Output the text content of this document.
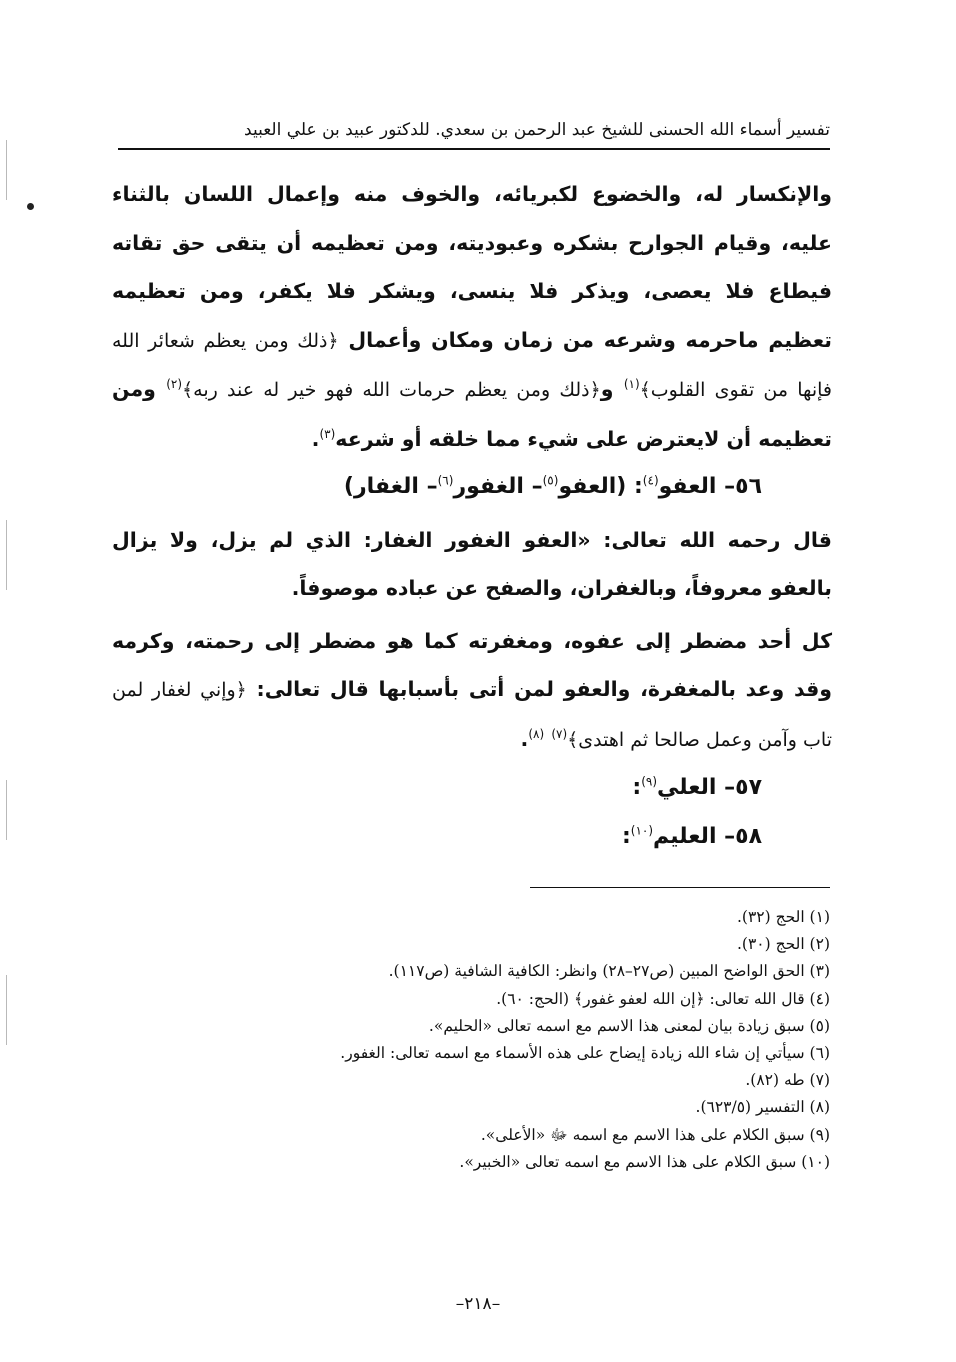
تفسير أسماء الله الحسنى للشيخ عبد الرحمن بن سعدي. للدكتور عبيد بن علي العبيد

والإنكسار له، والخضوع لكبريائه، والخوف منه وإعمال اللسان بالثناء عليه، وقيام الجوارح بشكره وعبوديته، ومن تعظيمه أن يتقى حق تقاته فيطاع فلا يعصى، ويذكر فلا ينسى، ويشكر فلا يكفر، ومن تعظيمه تعظيم ماحرمه وشرعه من زمان ومكان وأعمال ﴿ذلك ومن يعظم شعائر الله فإنها من تقوى القلوب﴾$^{(١)}$ و﴿ذلك ومن يعظم حرمات الله فهو خير له عند ربه﴾$^{(٢)}$ ومن تعظيمه أن لايعترض على شيء مما خلقه أو شرعه$^{(٣)}$.

٥٦– العفو$^{(٤)}$: (العفو$^{(٥)}$– الغفور$^{(٦)}$– الغفار)

قال رحمه الله تعالى: «العفو الغفور الغفار: الذي لم يزل، ولا يزال بالعفو معروفاً، وبالغفران، والصفح عن عباده موصوفاً.

كل أحد مضطر إلى عفوه، ومغفرته كما هو مضطر إلى رحمته، وكرمه وقد وعد بالمغفرة، والعفو لمن أتى بأسبابها قال تعالى: ﴿وإني لغفار لمن تاب وآمن وعمل صالحا ثم اهتدى﴾$^{(٧)}$ $^{(٨)}$.

٥٧– العلي$^{(٩)}$:

٥٨– العليم$^{(١٠)}$:

(١) الحج (٣٢).

(٢) الحج (٣٠).

(٣) الحق الواضح المبين (ص٢٧–٢٨) وانظر: الكافية الشافية (ص١١٧).

(٤) قال الله تعالى: ﴿إن الله لعفو غفور﴾ (الحج: ٦٠).

(٥) سبق زيادة بيان لمعنى هذا الاسم مع اسمه تعالى «الحليم».

(٦) سيأتي إن شاء الله زيادة إيضاح على هذه الأسماء مع اسمه تعالى: الغفور.

(٧) طه (٨٢).

(٨) التفسير (٦٢٣/٥).

(٩) سبق الكلام على هذا الاسم مع اسمه ﷻ «الأعلى».

(١٠) سبق الكلام على هذا الاسم مع اسمه تعالى «الخبير».

–٢١٨–
